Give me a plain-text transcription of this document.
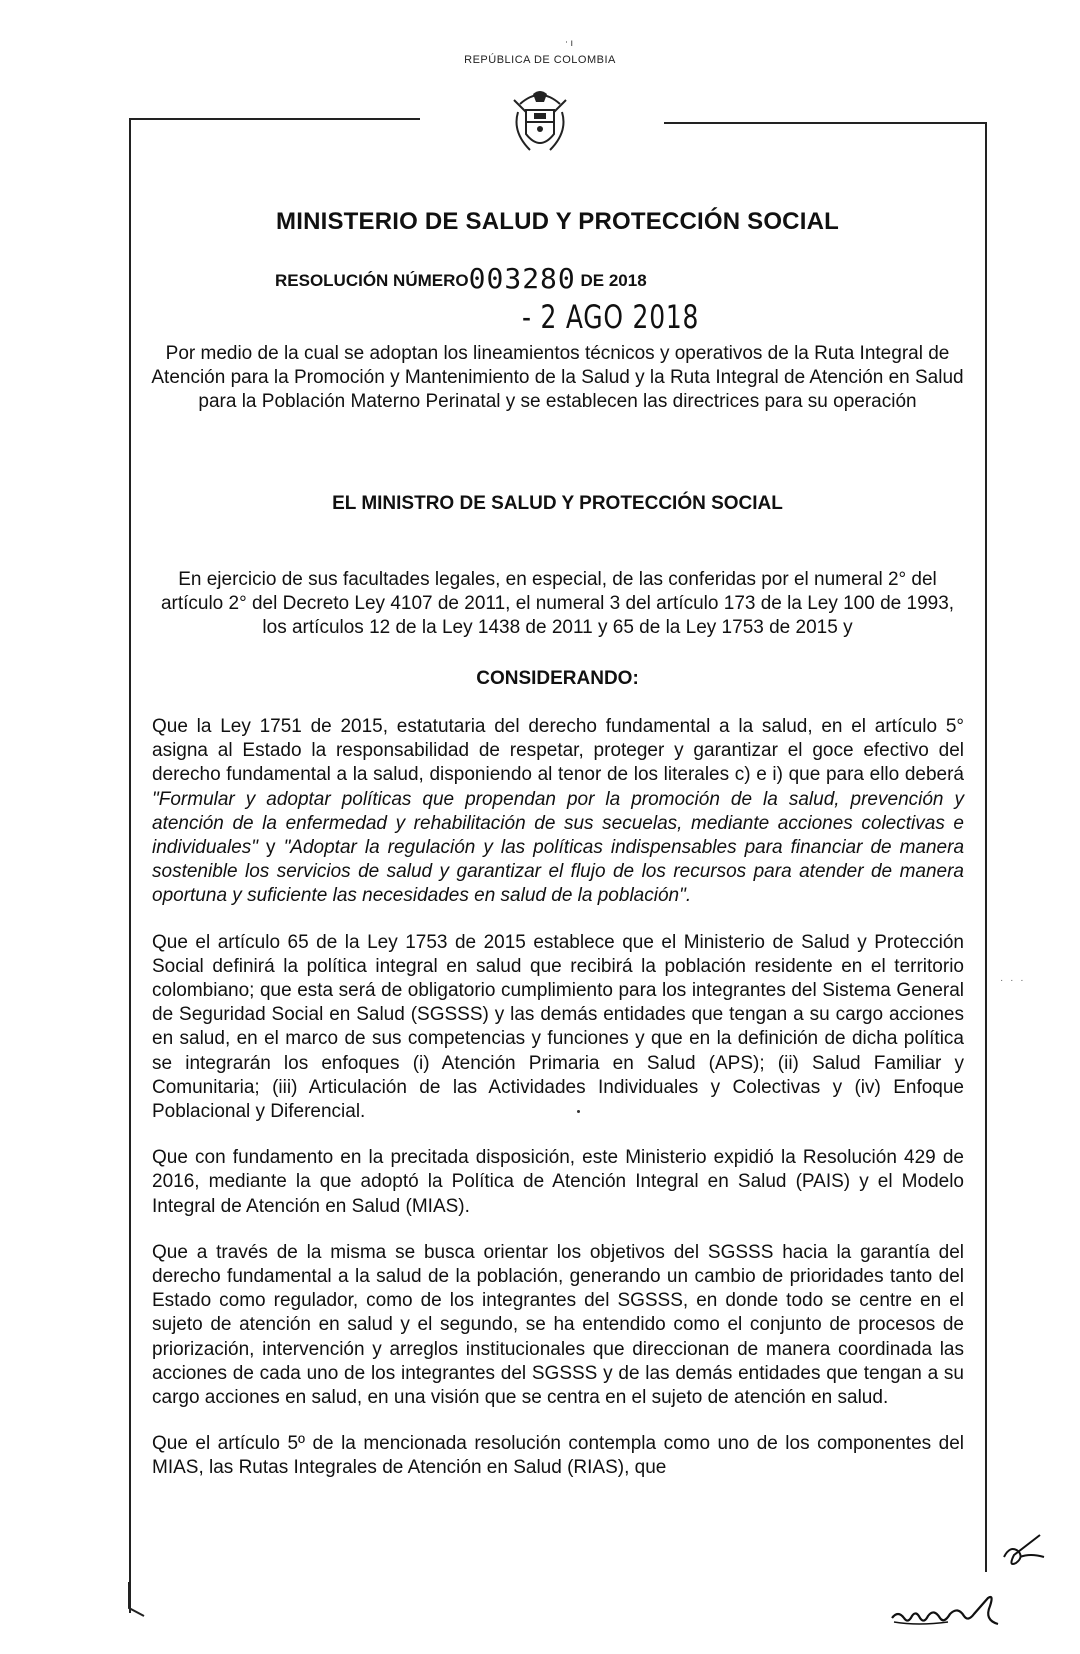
ᐧ ı
REPÚBLICA DE COLOMBIA
MINISTERIO DE SALUD Y PROTECCIÓN SOCIAL
RESOLUCIÓN NÚMERO003280 DE 2018
- 2 AGO 2018
Por medio de la cual se adoptan los lineamientos técnicos y operativos de la Ruta Integral de Atención para la Promoción y Mantenimiento de la Salud y la Ruta Integral de Atención en Salud para la Población Materno Perinatal y se establecen las directrices para su operación
EL MINISTRO DE SALUD Y PROTECCIÓN SOCIAL
En ejercicio de sus facultades legales, en especial, de las conferidas por el numeral 2° del artículo 2° del Decreto Ley 4107 de 2011, el numeral 3 del artículo 173 de la Ley 100 de 1993, los artículos 12 de la Ley 1438 de 2011 y 65 de la Ley 1753 de 2015 y
CONSIDERANDO:

Que la Ley 1751 de 2015, estatutaria del derecho fundamental a la salud, en el artículo 5° asigna al Estado la responsabilidad de respetar, proteger y garantizar el goce efectivo del derecho fundamental a la salud, disponiendo al tenor de los literales c) e i) que para ello deberá "Formular y adoptar políticas que propendan por la promoción de la salud, prevención y atención de la enfermedad y rehabilitación de sus secuelas, mediante acciones colectivas e individuales" y "Adoptar la regulación y las políticas indispensables para financiar de manera sostenible los servicios de salud y garantizar el flujo de los recursos para atender de manera oportuna y suficiente las necesidades en salud de la población".

Que el artículo 65 de la Ley 1753 de 2015 establece que el Ministerio de Salud y Protección Social definirá la política integral en salud que recibirá la población residente en el territorio colombiano; que esta será de obligatorio cumplimiento para los integrantes del Sistema General de Seguridad Social en Salud (SGSSS) y las demás entidades que tengan a su cargo acciones en salud, en el marco de sus competencias y funciones y que en la definición de dicha política se integrarán los enfoques (i) Atención Primaria en Salud (APS); (ii) Salud Familiar y Comunitaria; (iii) Articulación de las Actividades Individuales y Colectivas y (iv) Enfoque Poblacional y Diferencial.

Que con fundamento en la precitada disposición, este Ministerio expidió la Resolución 429 de 2016, mediante la que adoptó la Política de Atención Integral en Salud (PAIS) y el Modelo Integral de Atención en Salud (MIAS).

Que a través de la misma se busca orientar los objetivos del SGSSS hacia la garantía del derecho fundamental a la salud de la población, generando un cambio de prioridades tanto del Estado como regulador, como de los integrantes del SGSSS, en donde todo se centre en el sujeto de atención en salud y el segundo, se ha entendido como el conjunto de procesos de priorización, intervención y arreglos institucionales que direccionan de manera coordinada las acciones de cada uno de los integrantes del SGSSS y de las demás entidades que tengan a su cargo acciones en salud, en una visión que se centra en el sujeto de atención en salud.

Que el artículo 5º de la mencionada resolución contempla como uno de los componentes del MIAS, las Rutas Integrales de Atención en Salud (RIAS), que

· · ·
